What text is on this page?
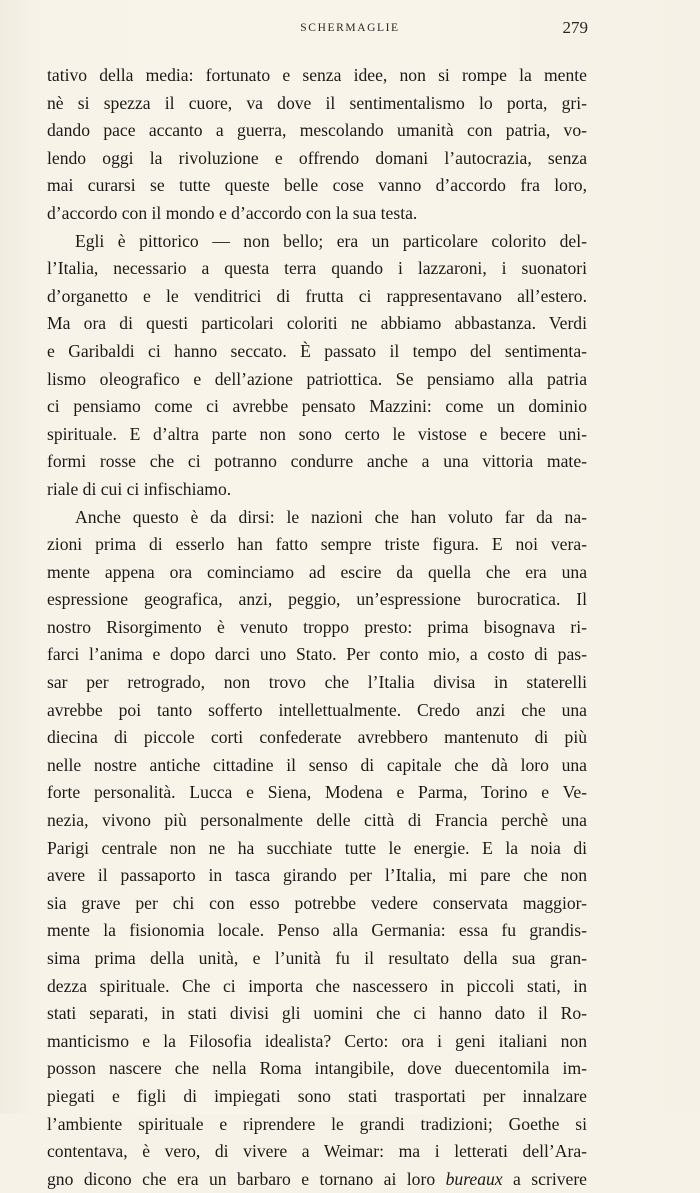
SCHERMAGLIE	279
tativo della media: fortunato e senza idee, non si rompe la mente
nè si spezza il cuore, va dove il sentimentalismo lo porta, gri-
dando pace accanto a guerra, mescolando umanità con patria, vo-
lendo oggi la rivoluzione e offrendo domani l’autocrazia, senza
mai curarsi se tutte queste belle cose vanno d’accordo fra loro,
d’accordo con il mondo e d’accordo con la sua testa.
Egli è pittorico — non bello; era un particolare colorito del-
l’Italia, necessario a questa terra quando i lazzaroni, i suonatori
d’organetto e le venditrici di frutta ci rappresentavano all’estero.
Ma ora di questi particolari coloriti ne abbiamo abbastanza. Verdi
e Garibaldi ci hanno seccato. È passato il tempo del sentimenta-
lismo oleografico e dell’azione patriottica. Se pensiamo alla patria
ci pensiamo come ci avrebbe pensato Mazzini: come un dominio
spirituale. E d’altra parte non sono certo le vistose e becere uni-
formi rosse che ci potranno condurre anche a una vittoria mate-
riale di cui ci infischiamo.
Anche questo è da dirsi: le nazioni che han voluto far da na-
zioni prima di esserlo han fatto sempre triste figura. E noi vera-
mente appena ora cominciamo ad escire da quella che era una
espressione geografica, anzi, peggio, un’espressione burocratica. Il
nostro Risorgimento è venuto troppo presto: prima bisognava ri-
farci l’anima e dopo darci uno Stato. Per conto mio, a costo di pas-
sar per retrogrado, non trovo che l’Italia divisa in staterelli
avrebbe poi tanto sofferto intellettualmente. Credo anzi che una
diecina di piccole corti confederate avrebbero mantenuto di più
nelle nostre antiche cittadine il senso di capitale che dà loro una
forte personalità. Lucca e Siena, Modena e Parma, Torino e Ve-
nezia, vivono più personalmente delle città di Francia perchè una
Parigi centrale non ne ha succhiate tutte le energie. E la noia di
avere il passaporto in tasca girando per l’Italia, mi pare che non
sia grave per chi con esso potrebbe vedere conservata maggior-
mente la fisionomia locale. Penso alla Germania: essa fu grandis-
sima prima della unità, e l’unità fu il resultato della sua gran-
dezza spirituale. Che ci importa che nascessero in piccoli stati, in
stati separati, in stati divisi gli uomini che ci hanno dato il Ro-
manticismo e la Filosofia idealista? Certo: ora i geni italiani non
posson nascere che nella Roma intangibile, dove duecentomila im-
piegati e figli di impiegati sono stati trasportati per innalzare
l’ambiente spirituale e riprendere le grandi tradizioni; Goethe si
contentava, è vero, di vivere a Weimar: ma i letterati dell’Ara-
gno dicono che era un barbaro e tornano ai loro bureaux a scrivere
